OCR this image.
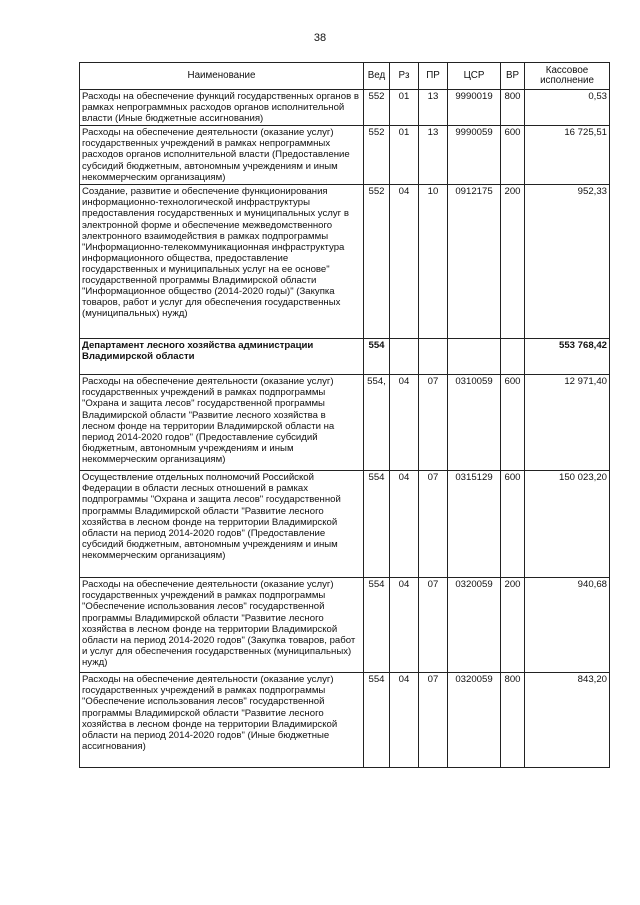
38
Наименование	Вед	Рз	ПР	ЦСР	ВР	Кассовое исполнение
Расходы на обеспечение функций государственных органов в рамках непрограммных расходов органов исполнительной власти (Иные бюджетные ассигнования)	552	01	13	9990019	800	0,53
Расходы на обеспечение деятельности (оказание услуг) государственных учреждений в рамках непрограммных расходов органов исполнительной власти (Предоставление субсидий бюджетным, автономным учреждениям и иным некоммерческим организациям)	552	01	13	9990059	600	16 725,51
Создание, развитие и обеспечение функционирования информационно-технологической инфраструктуры предоставления государственных и муниципальных услуг в электронной форме и обеспечение межведомственного электронного взаимодействия в рамках подпрограммы "Информационно-телекоммуникационная инфраструктура информационного общества, предоставление государственных и муниципальных услуг на ее основе" государственной программы Владимирской области "Информационное общество (2014-2020 годы)" (Закупка товаров, работ и услуг для обеспечения государственных (муниципальных) нужд)	552	04	10	0912175	200	952,33
Департамент лесного хозяйства администрации Владимирской области	554					553 768,42
Расходы на обеспечение деятельности (оказание услуг) государственных учреждений в рамках подпрограммы "Охрана и защита лесов" государственной программы Владимирской области "Развитие лесного хозяйства в лесном фонде на территории Владимирской области на период 2014-2020 годов" (Предоставление субсидий бюджетным, автономным учреждениям и иным некоммерческим организациям)	554,	04	07	0310059	600	12 971,40
Осуществление отдельных полномочий Российской Федерации в области лесных отношений в рамках подпрограммы "Охрана и защита лесов" государственной программы Владимирской области "Развитие лесного хозяйства в лесном фонде на территории Владимирской области на период 2014-2020 годов" (Предоставление субсидий бюджетным, автономным учреждениям и иным некоммерческим организациям)	554	04	07	0315129	600	150 023,20
Расходы на обеспечение деятельности (оказание услуг) государственных учреждений в рамках подпрограммы "Обеспечение использования лесов" государственной программы Владимирской области "Развитие лесного хозяйства в лесном фонде на территории Владимирской области на период 2014-2020 годов" (Закупка товаров, работ и услуг для обеспечения государственных (муниципальных) нужд)	554	04	07	0320059	200	940,68
Расходы на обеспечение деятельности (оказание услуг) государственных учреждений в рамках подпрограммы "Обеспечение использования лесов" государственной программы Владимирской области "Развитие лесного хозяйства в лесном фонде на территории Владимирской области на период 2014-2020 годов" (Иные бюджетные ассигнования)	554	04	07	0320059	800	843,20
